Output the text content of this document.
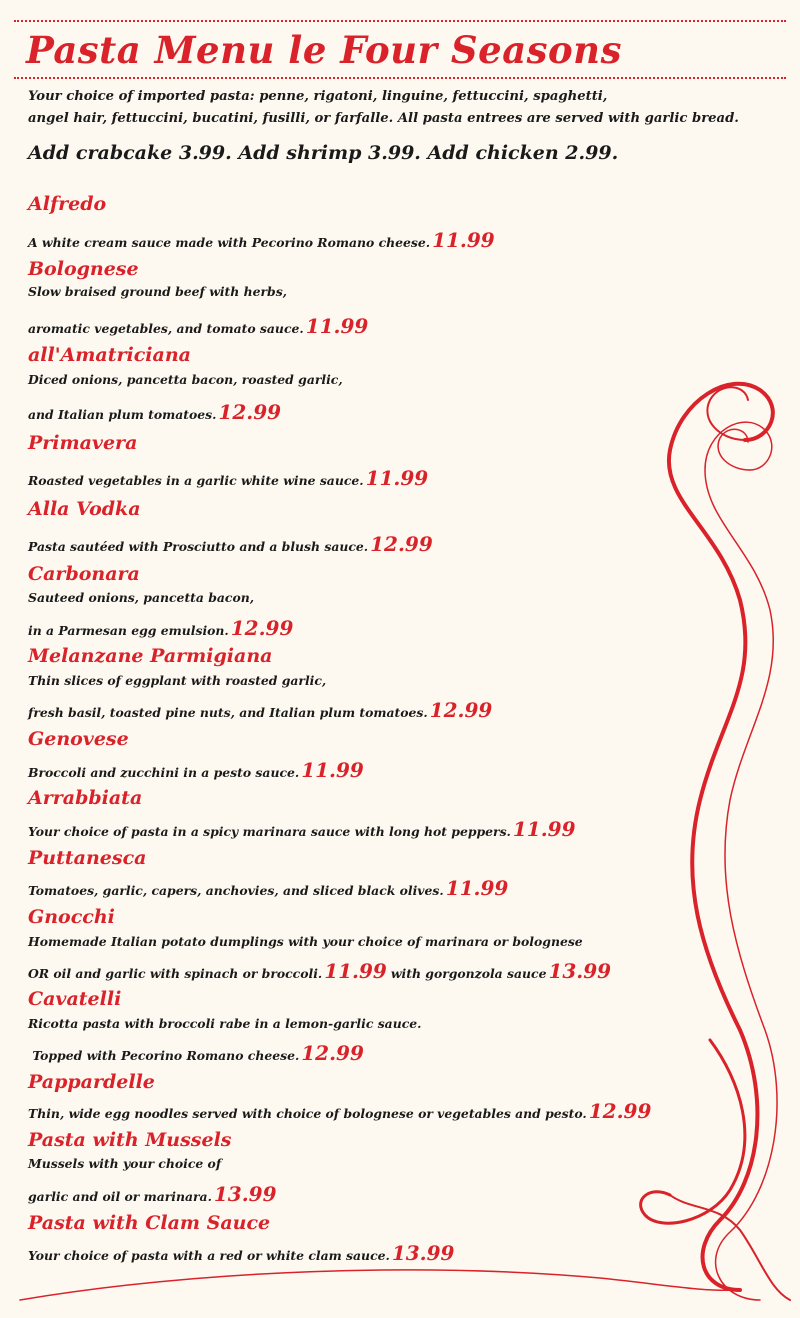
Pasta Menu le Four Seasons
Your choice of imported pasta: penne, rigatoni, linguine, fettuccini, spaghetti,
angel hair, fettuccini, bucatini, fusilli, or farfalle. All pasta entrees are served with garlic bread.
Add crabcake 3.99. Add shrimp 3.99. Add chicken 2.99.
Alfredo
A white cream sauce made with Pecorino Romano cheese. 11.99
Bolognese
Slow braised ground beef with herbs,
aromatic vegetables, and tomato sauce. 11.99
all'Amatriciana
Diced onions, pancetta bacon, roasted garlic,
and Italian plum tomatoes. 12.99
Primavera
Roasted vegetables in a garlic white wine sauce. 11.99
Alla Vodka
Pasta sautéed with Prosciutto and a blush sauce. 12.99
Carbonara
Sauteed onions, pancetta bacon,
in a Parmesan egg emulsion. 12.99
Melanzane Parmigiana
Thin slices of eggplant with roasted garlic,
fresh basil, toasted pine nuts, and Italian plum tomatoes. 12.99
Genovese
Broccoli and zucchini in a pesto sauce. 11.99
Arrabbiata
Your choice of pasta in a spicy marinara sauce with long hot peppers. 11.99
Puttanesca
Tomatoes, garlic, capers, anchovies, and sliced black olives. 11.99
Gnocchi
Homemade Italian potato dumplings with your choice of marinara or bolognese
OR oil and garlic with spinach or broccoli. 11.99 with gorgonzola sauce 13.99
Cavatelli
Ricotta pasta with broccoli rabe in a lemon-garlic sauce.
Topped with Pecorino Romano cheese. 12.99
Pappardelle
Thin, wide egg noodles served with choice of bolognese or vegetables and pesto. 12.99
Pasta with Mussels
Mussels with your choice of
garlic and oil or marinara. 13.99
Pasta with Clam Sauce
Your choice of pasta with a red or white clam sauce. 13.99
